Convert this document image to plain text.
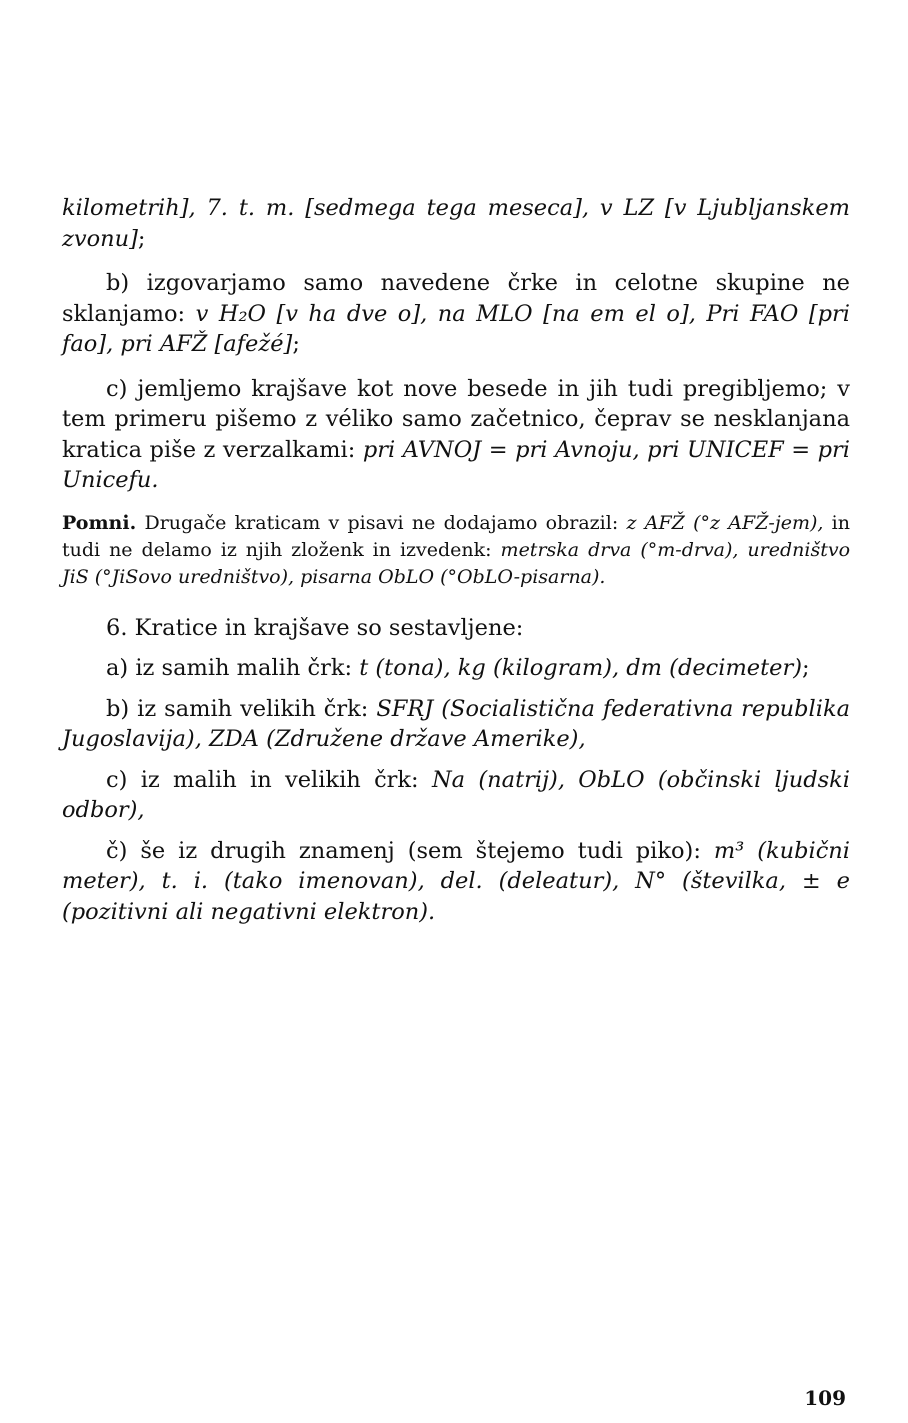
kilometrih], 7. t. m. [sedmega tega meseca], v LZ [v Ljubljanskem zvonu];

b) izgovarjamo samo navedene črke in celotne skupine ne sklanjamo: v H₂O [v ha dve o], na MLO [na em el o], Pri FAO [pri fao], pri AFŽ [afežé];

c) jemljemo krajšave kot nove besede in jih tudi pregibljemo; v tem primeru pišemo z véliko samo začetnico, čeprav se nesklanjana kratica piše z verzalkami: pri AVNOJ = pri Avnoju, pri UNICEF = pri Unicefu.

Pomni. Drugače kraticam v pisavi ne dodajamo obrazil: z AFŽ (°z AFŽ-jem), in tudi ne delamo iz njih zloženk in izvedenk: metrska drva (°m-drva), uredništvo JiS (°JiSovo uredništvo), pisarna ObLO (°ObLO-pisarna).

6. Kratice in krajšave so sestavljene:

a) iz samih malih črk: t (tona), kg (kilogram), dm (decimeter);

b) iz samih velikih črk: SFRJ (Socialistična federativna republika Jugoslavija), ZDA (Združene države Amerike),

c) iz malih in velikih črk: Na (natrij), ObLO (občinski ljudski odbor),

č) še iz drugih znamenj (sem štejemo tudi piko): m³ (kubični meter), t. i. (tako imenovan), del. (deleatur), N° (številka, ± e (pozitivni ali negativni elektron).

109
